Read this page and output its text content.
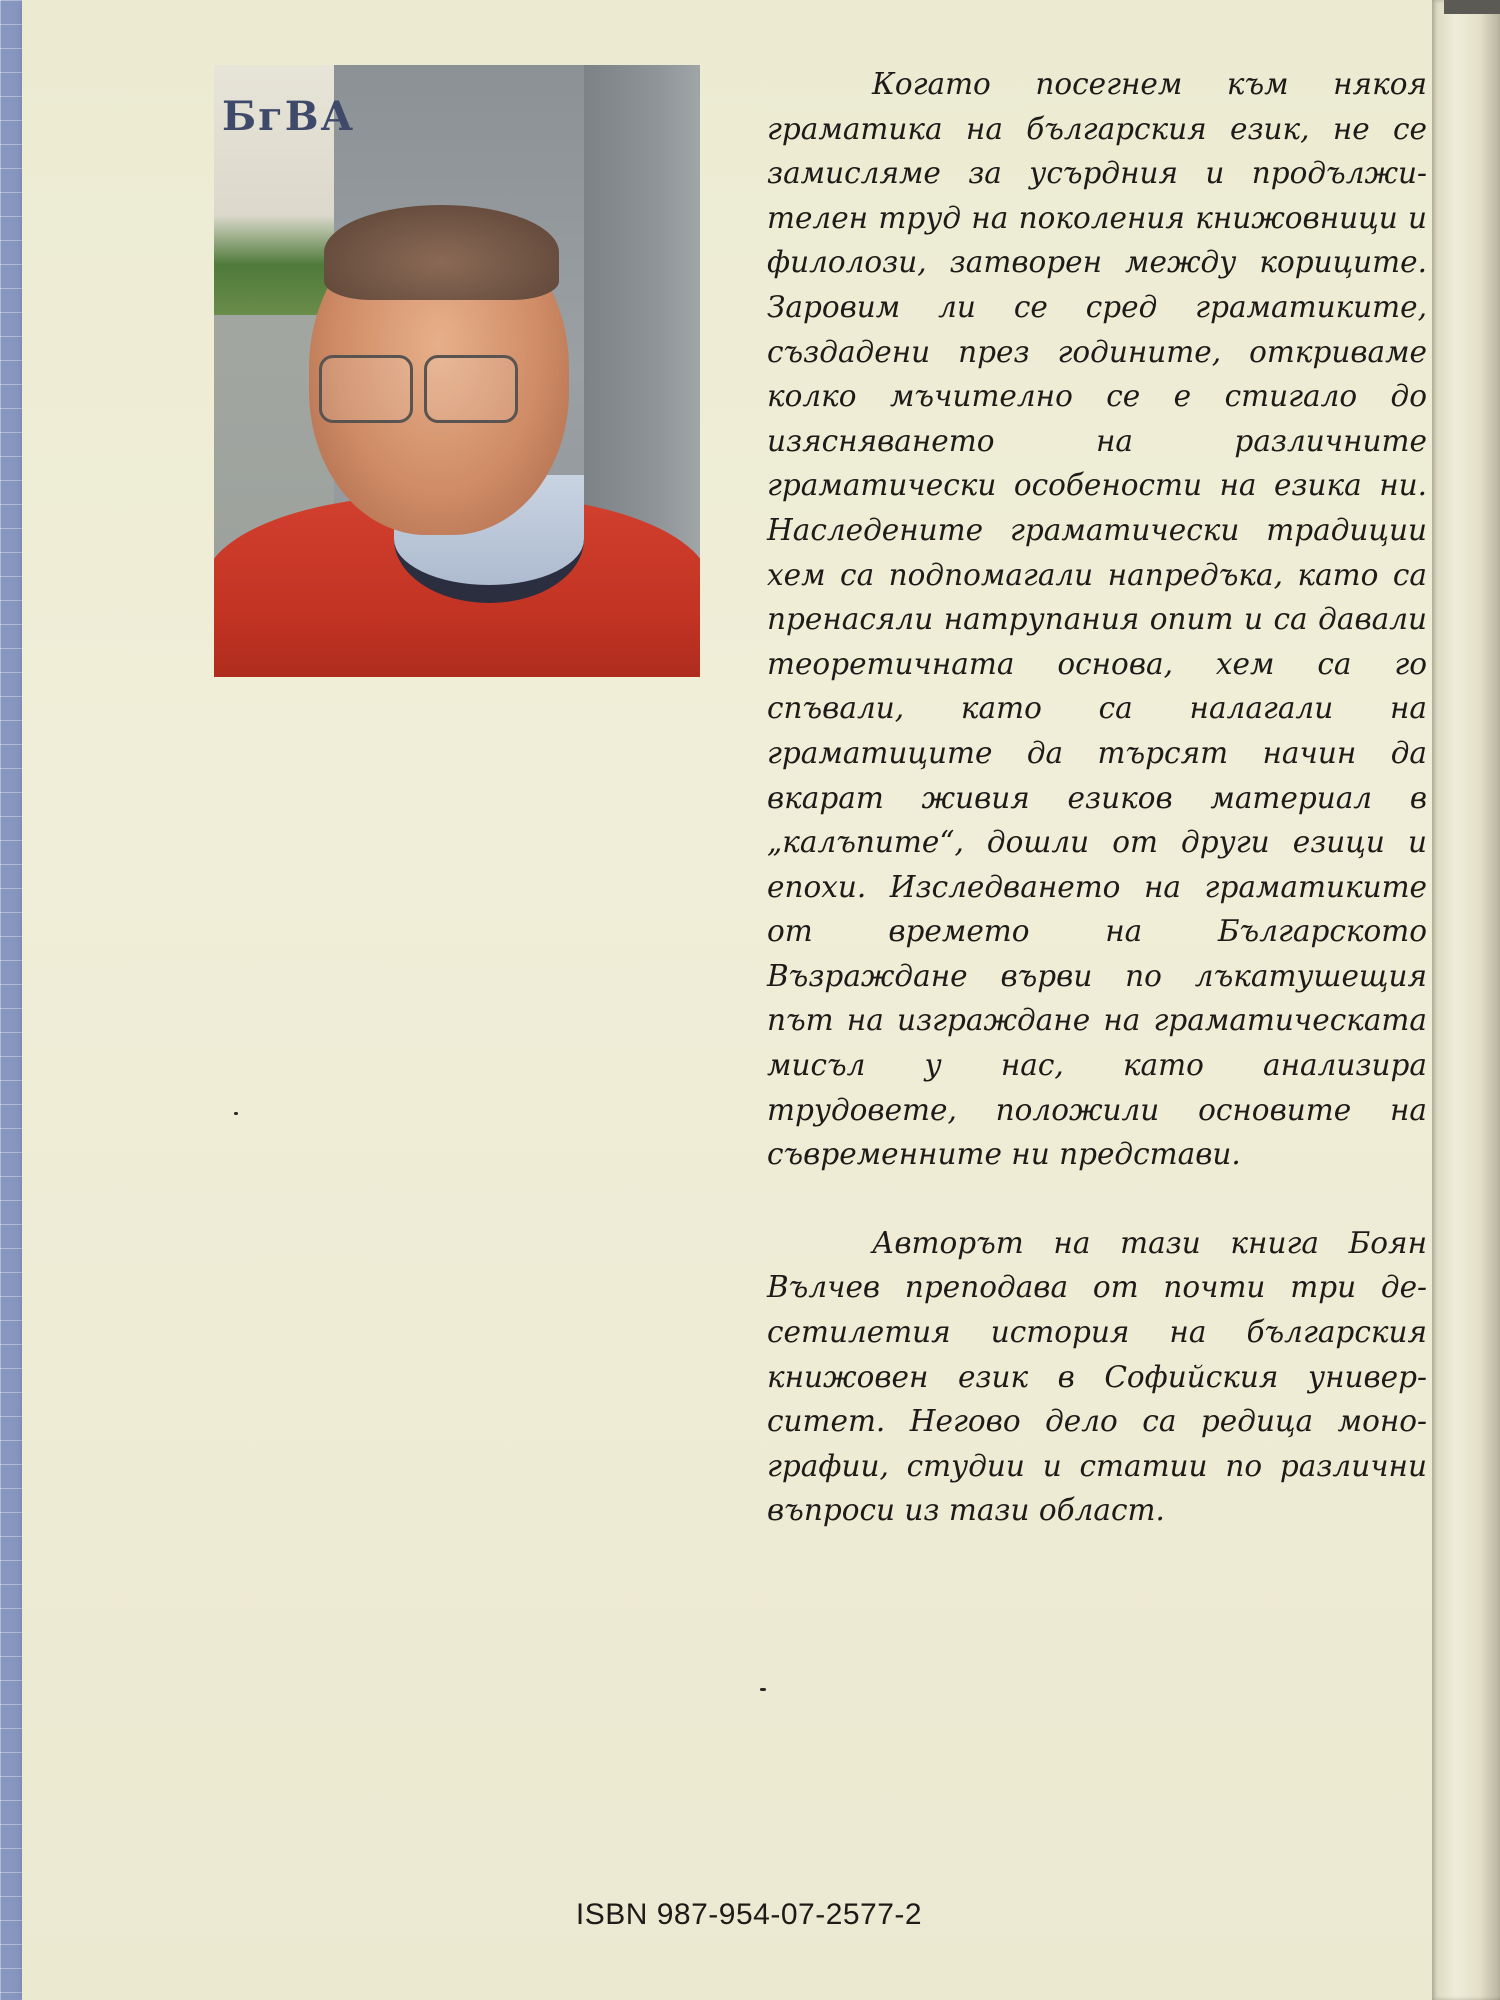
БгВА

Когато посегнем към някоя граматика на българския език, не се замисляме за усърдния и продължителен труд на поколения книжовници и филолози, затворен между кориците. Заровим ли се сред граматиките, създадени през годините, откриваме колко мъчително се е стигало до изясняването на различните граматически особености на езика ни. Наследените граматически традиции хем са подпомагали напредъка, като са пренасяли натрупания опит и са давали теоретичната основа, хем са го спъвали, като са налагали на граматиците да търсят начин да вкарат живия езиков материал в „калъпите“, дошли от други езици и епохи. Изследването на граматиките от времето на Българското Възраждане върви по лъкатушещия път на изграждане на граматическата мисъл у нас, като анализира трудовете, положили основите на съвременните ни представи.

Авторът на тази книга Боян Вълчев преподава от почти три десетилетия история на българския книжовен език в Софийския университет. Негово дело са редица монографии, студии и статии по различни въпроси из тази област.

ISBN 987-954-07-2577-2
